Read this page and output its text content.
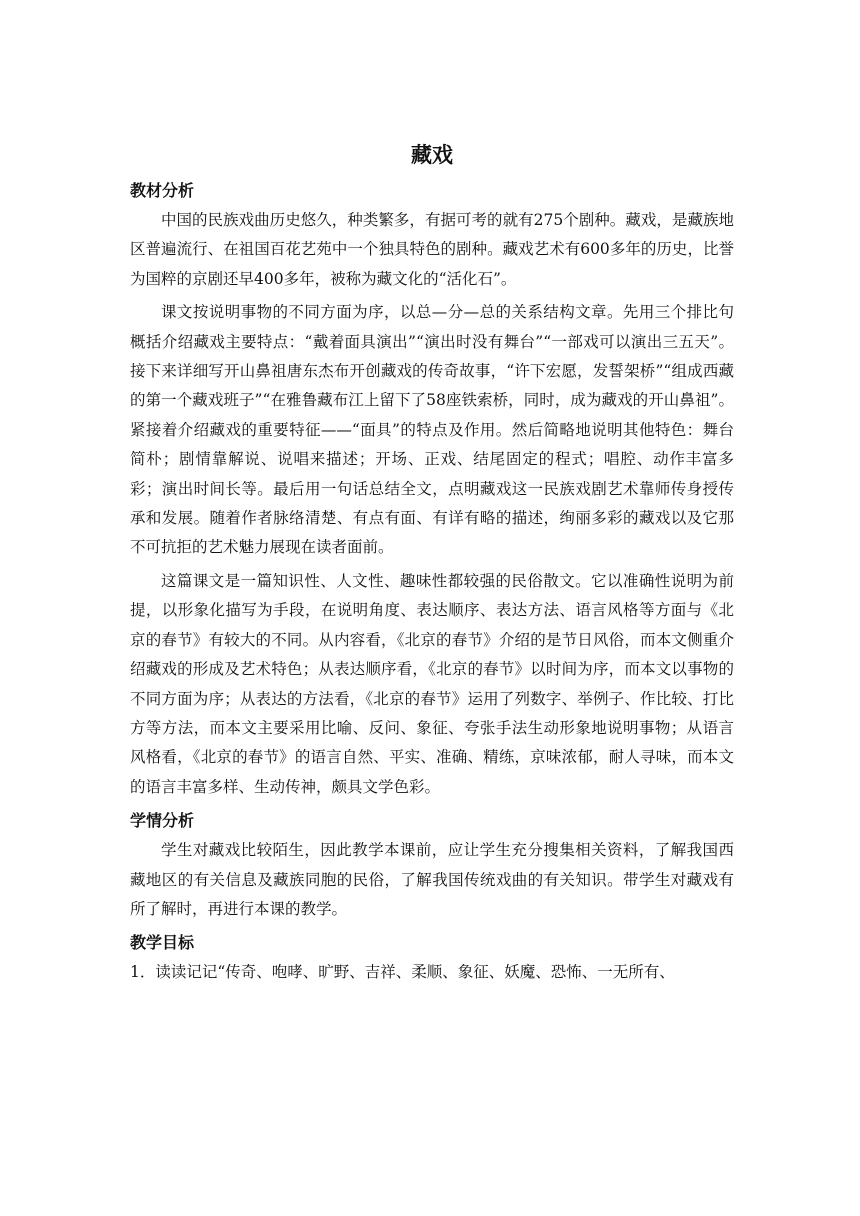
藏戏
教材分析

中国的民族戏曲历史悠久，种类繁多，有据可考的就有275个剧种。藏戏，是藏族地区普遍流行、在祖国百花艺苑中一个独具特色的剧种。藏戏艺术有600多年的历史，比誉为国粹的京剧还早400多年，被称为藏文化的“活化石”。

课文按说明事物的不同方面为序，以总—分—总的关系结构文章。先用三个排比句概括介绍藏戏主要特点：“戴着面具演出”“演出时没有舞台”“一部戏可以演出三五天”。接下来详细写开山鼻祖唐东杰布开创藏戏的传奇故事，“许下宏愿，发誓架桥”“组成西藏的第一个藏戏班子”“在雅鲁藏布江上留下了58座铁索桥，同时，成为藏戏的开山鼻祖”。紧接着介绍藏戏的重要特征——“面具”的特点及作用。然后简略地说明其他特色：舞台简朴；剧情靠解说、说唱来描述；开场、正戏、结尾固定的程式；唱腔、动作丰富多彩；演出时间长等。最后用一句话总结全文，点明藏戏这一民族戏剧艺术靠师传身授传承和发展。随着作者脉络清楚、有点有面、有详有略的描述，绚丽多彩的藏戏以及它那不可抗拒的艺术魅力展现在读者面前。

这篇课文是一篇知识性、人文性、趣味性都较强的民俗散文。它以准确性说明为前提，以形象化描写为手段，在说明角度、表达顺序、表达方法、语言风格等方面与《北京的春节》有较大的不同。从内容看，《北京的春节》介绍的是节日风俗，而本文侧重介绍藏戏的形成及艺术特色；从表达顺序看，《北京的春节》以时间为序，而本文以事物的不同方面为序；从表达的方法看，《北京的春节》运用了列数字、举例子、作比较、打比方等方法，而本文主要采用比喻、反问、象征、夸张手法生动形象地说明事物；从语言风格看，《北京的春节》的语言自然、平实、准确、精练，京味浓郁，耐人寻味，而本文的语言丰富多样、生动传神，颇具文学色彩。

学情分析

学生对藏戏比较陌生，因此教学本课前，应让学生充分搜集相关资料，了解我国西藏地区的有关信息及藏族同胞的民俗，了解我国传统戏曲的有关知识。带学生对藏戏有所了解时，再进行本课的教学。

教学目标

1．读读记记“传奇、咆哮、旷野、吉祥、柔顺、象征、妖魔、恐怖、一无所有、
